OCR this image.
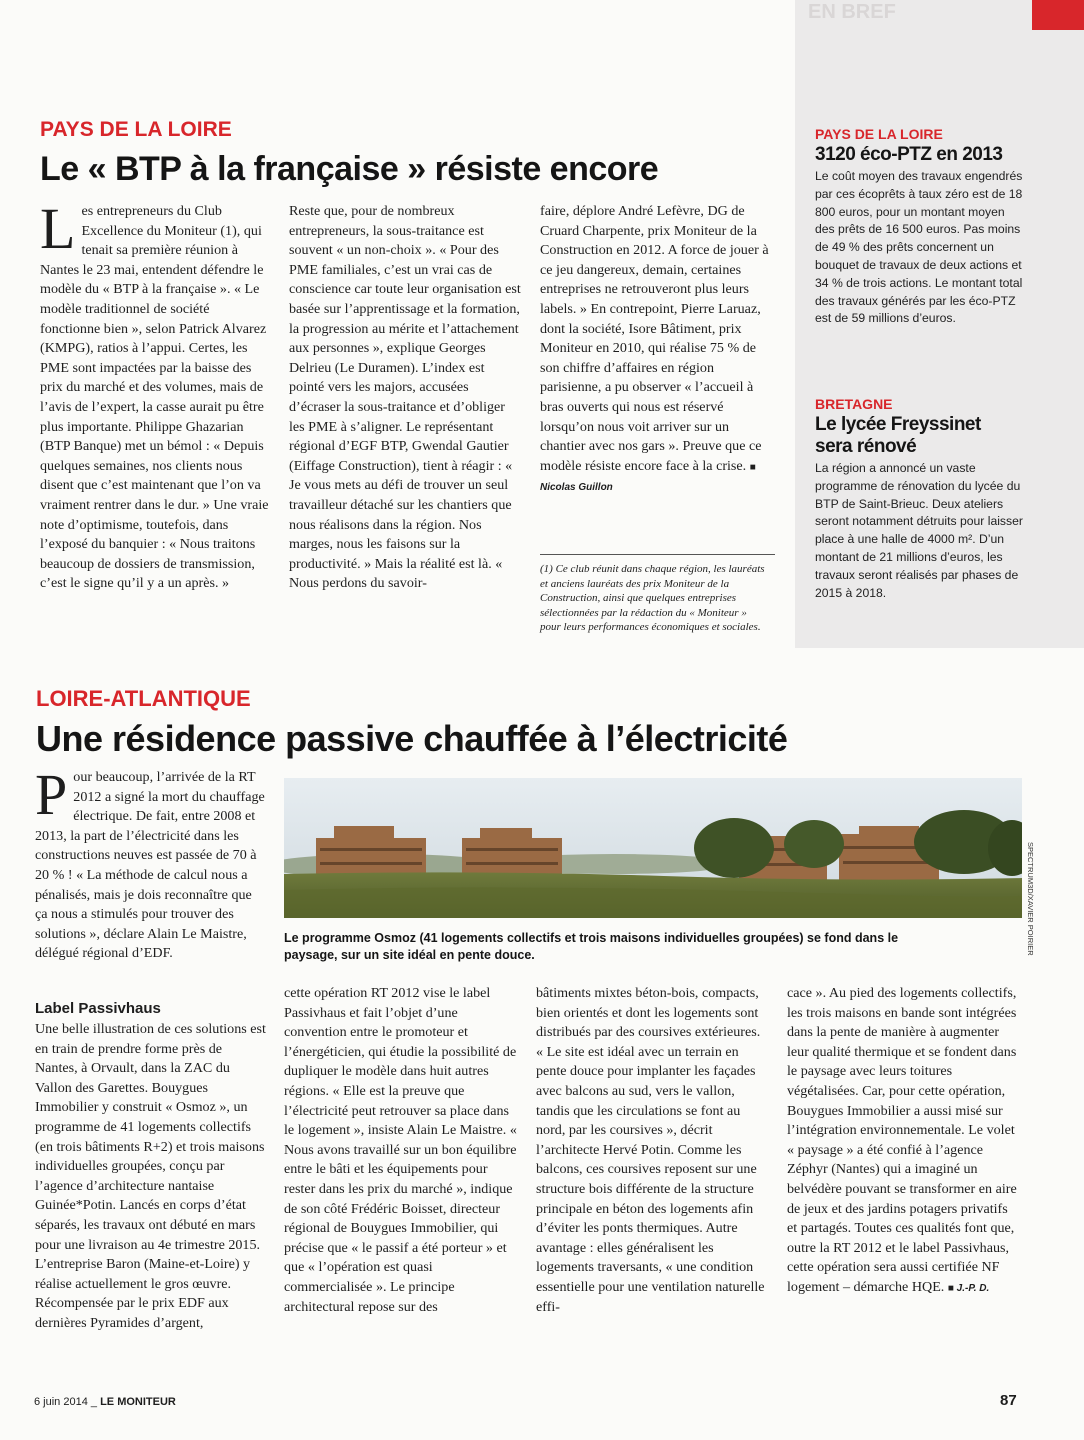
EN BREF
PAYS DE LA LOIRE
Le « BTP à la française » résiste encore
L es entrepreneurs du Club Excellence du Moniteur (1), qui tenait sa première réunion à Nantes le 23 mai, entendent défendre le modèle du « BTP à la française ». « Le modèle traditionnel de société fonctionne bien », selon Patrick Alvarez (KMPG), ratios à l’appui. Certes, les PME sont impactées par la baisse des prix du marché et des volumes, mais de l’avis de l’expert, la casse aurait pu être plus importante. Philippe Ghazarian (BTP Banque) met un bémol : « Depuis quelques semaines, nos clients nous disent que c’est maintenant que l’on va vraiment rentrer dans le dur. » Une vraie note d’optimisme, toutefois, dans l’exposé du banquier : « Nous traitons beaucoup de dossiers de transmission, c’est le signe qu’il y a un après. »
Reste que, pour de nombreux entrepreneurs, la sous-traitance est souvent « un non-choix ». « Pour des PME familiales, c’est un vrai cas de conscience car toute leur organisation est basée sur l’apprentissage et la formation, la progression au mérite et l’attachement aux personnes », explique Georges Delrieu (Le Duramen). L’index est pointé vers les majors, accusées d’écraser la sous-traitance et d’obliger les PME à s’aligner. Le représentant régional d’EGF BTP, Gwendal Gautier (Eiffage Construction), tient à réagir : « Je vous mets au défi de trouver un seul travailleur détaché sur les chantiers que nous réalisons dans la région. Nos marges, nous les faisons sur la productivité. » Mais la réalité est là. « Nous perdons du savoir-
faire, déplore André Lefèvre, DG de Cruard Charpente, prix Moniteur de la Construction en 2012. A force de jouer à ce jeu dangereux, demain, certaines entreprises ne retrouveront plus leurs labels. » En contrepoint, Pierre Laruaz, dont la société, Isore Bâtiment, prix Moniteur en 2010, qui réalise 75 % de son chiffre d’affaires en région parisienne, a pu observer « l’accueil à bras ouverts qui nous est réservé lorsqu’on nous voit arriver sur un chantier avec nos gars ». Preuve que ce modèle résiste encore face à la crise. ■ Nicolas Guillon
(1) Ce club réunit dans chaque région, les lauréats et anciens lauréats des prix Moniteur de la Construction, ainsi que quelques entreprises sélectionnées par la rédaction du « Moniteur » pour leurs performances économiques et sociales.
PAYS DE LA LOIRE
3120 éco-PTZ en 2013
Le coût moyen des travaux engendrés par ces écoprêts à taux zéro est de 18 800 euros, pour un montant moyen des prêts de 16 500 euros. Pas moins de 49 % des prêts concernent un bouquet de travaux de deux actions et 34 % de trois actions. Le montant total des travaux générés par les éco-PTZ est de 59 millions d’euros.
BRETAGNE
Le lycée Freyssinet
sera rénové
La région a annoncé un vaste programme de rénovation du lycée du BTP de Saint-Brieuc. Deux ateliers seront notamment détruits pour laisser place à une halle de 4000 m². D’un montant de 21 millions d’euros, les travaux seront réalisés par phases de 2015 à 2018.
LOIRE-ATLANTIQUE
Une résidence passive chauffée à l’électricité
P our beaucoup, l’arrivée de la RT 2012 a signé la mort du chauffage électrique. De fait, entre 2008 et 2013, la part de l’électricité dans les constructions neuves est passée de 70 à 20 % ! « La méthode de calcul nous a pénalisés, mais je dois reconnaître que ça nous a stimulés pour trouver des solutions », déclare Alain Le Maistre, délégué régional d’EDF.	SPECTRUM3D/XAVIER POIRIER
Le programme Osmoz (41 logements collectifs et trois maisons individuelles groupées) se fond dans le paysage, sur un site idéal en pente douce.
Label Passivhaus
Une belle illustration de ces solutions est en train de prendre forme près de Nantes, à Orvault, dans la ZAC du Vallon des Garettes. Bouygues Immobilier y construit « Osmoz », un programme de 41 logements collectifs (en trois bâtiments R+2) et trois maisons individuelles groupées, conçu par l’agence d’architecture nantaise Guinée*Potin. Lancés en corps d’état séparés, les travaux ont débuté en mars pour une livraison au 4e trimestre 2015. L’entreprise Baron (Maine-et-Loire) y réalise actuellement le gros œuvre. Récompensée par le prix EDF aux dernières Pyramides d’argent,
cette opération RT 2012 vise le label Passivhaus et fait l’objet d’une convention entre le promoteur et l’énergéticien, qui étudie la possibilité de dupliquer le modèle dans huit autres régions. « Elle est la preuve que l’électricité peut retrouver sa place dans le logement », insiste Alain Le Maistre. « Nous avons travaillé sur un bon équilibre entre le bâti et les équipements pour rester dans les prix du marché », indique de son côté Frédéric Boisset, directeur régional de Bouygues Immobilier, qui précise que « le passif a été porteur » et que « l’opération est quasi commercialisée ». Le principe architectural repose sur des
bâtiments mixtes béton-bois, compacts, bien orientés et dont les logements sont distribués par des coursives extérieures. « Le site est idéal avec un terrain en pente douce pour implanter les façades avec balcons au sud, vers le vallon, tandis que les circulations se font au nord, par les coursives », décrit l’architecte Hervé Potin. Comme les balcons, ces coursives reposent sur une structure bois différente de la structure principale en béton des logements afin d’éviter les ponts thermiques. Autre avantage : elles généralisent les logements traversants, « une condition essentielle pour une ventilation naturelle effi-
cace ». Au pied des logements collectifs, les trois maisons en bande sont intégrées dans la pente de manière à augmenter leur qualité thermique et se fondent dans le paysage avec leurs toitures végétalisées. Car, pour cette opération, Bouygues Immobilier a aussi misé sur l’intégration environnementale. Le volet « paysage » a été confié à l’agence Zéphyr (Nantes) qui a imaginé un belvédère pouvant se transformer en aire de jeux et des jardins potagers privatifs et partagés. Toutes ces qualités font que, outre la RT 2012 et le label Passivhaus, cette opération sera aussi certifiée NF logement – démarche HQE. ■ J.-P. D.
6 juin 2014 _ LE MONITEUR	87
